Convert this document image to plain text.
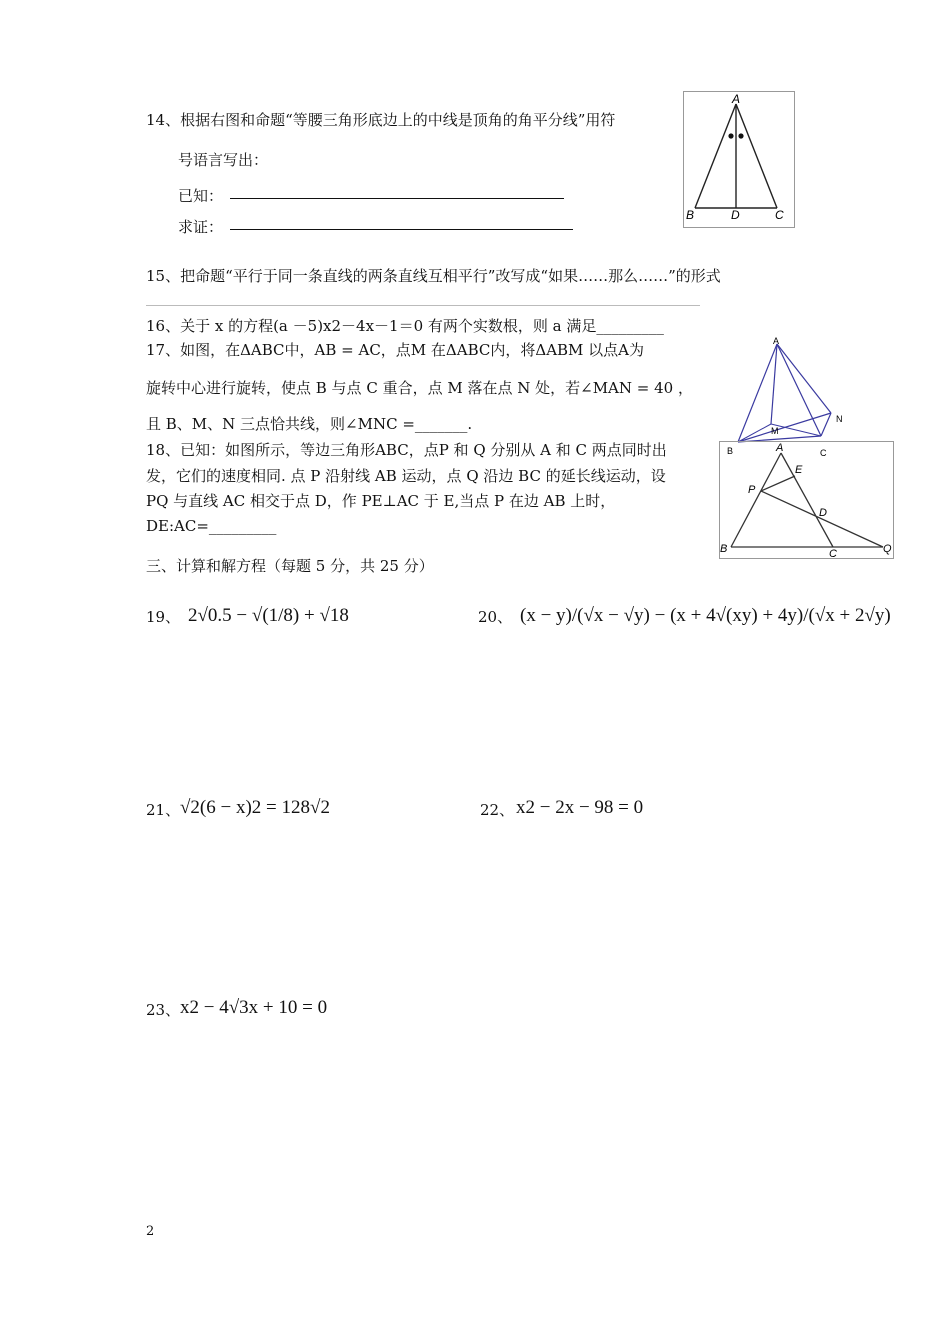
14、根据右图和命题“等腰三角形底边上的中线是顶角的角平分线”用符
号语言写出：
已知：
求证：
A
B	D	C
15、把命题“平行于同一条直线的两条直线互相平行”改写成“如果……那么……”的形式
16、关于 x 的方程(a －5)x2－4x－1＝0 有两个实数根，则 a 满足_________
17、如图，在ΔABC中，AB = AC，点M 在ΔABC内，将ΔABM 以点A为
旋转中心进行旋转，使点 B 与点 C 重合，点 M 落在点 N 处，若∠MAN = 40 ，
且 B、M、N 三点恰共线，则∠MNC =_______.
A
B	C
M
N
18、已知：如图所示，等边三角形ABC，点P 和 Q 分别从 A 和 C 两点同时出
发，它们的速度相同. 点 P 沿射线 AB 运动，点 Q 沿边 BC 的延长线运动，设
PQ 与直线 AC 相交于点 D，作 PE⊥AC 于 E,当点 P 在边 AB 上时，
DE:AC=_________
A
E
P
D
B	C	Q
三、计算和解方程（每题 5 分，共 25 分）
19、 2√0.5 − √(1/8) + √18	20、 (x − y)/(√x − √y) − (x + 4√(xy) + 4y)/(√x + 2√y)
21、 √2(6 − x)2 = 128√2	22、 x2 − 2x − 98 = 0
23、 x2 − 4√3x + 10 = 0
2
